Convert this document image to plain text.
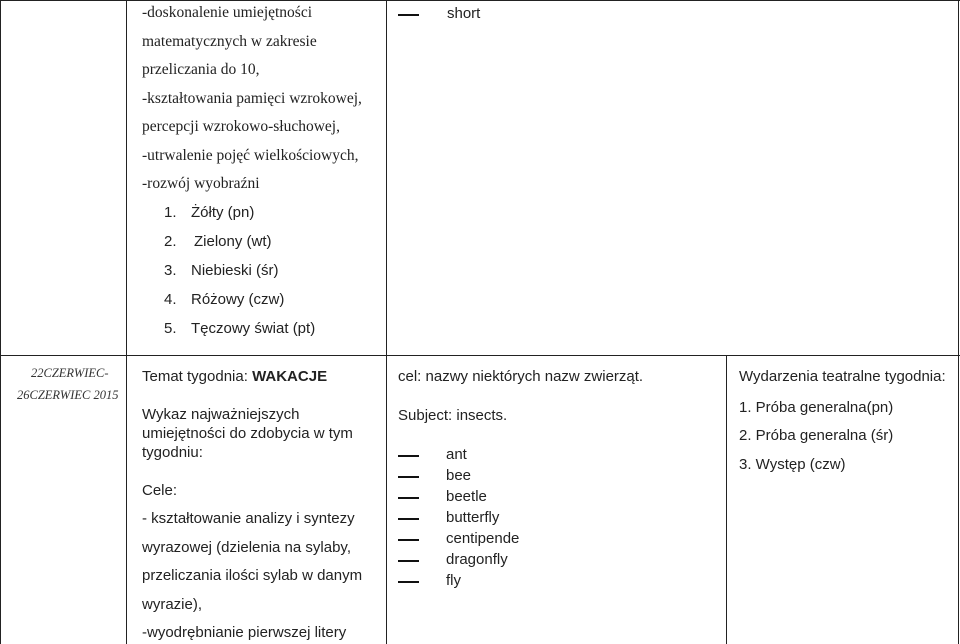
-doskonalenie umiejętności
matematycznych w zakresie
przeliczania do 10,
-kształtowania pamięci wzrokowej,
percepcji wzrokowo-słuchowej,
-utrwalenie pojęć wielkościowych,
-rozwój wyobraźni
1. Żółty (pn)
2. Zielony (wt)
3. Niebieski (śr)
4. Różowy (czw)
5. Tęczowy świat (pt)
short
22CZERWIEC-
26CZERWIEC 2015
Temat tygodnia: WAKACJE
Wykaz najważniejszych
umiejętności do zdobycia w tym
tygodniu:
Cele:
- kształtowanie analizy i syntezy
wyrazowej (dzielenia na sylaby,
przeliczania ilości sylab w danym
wyrazie),
-wyodrębnianie pierwszej litery
cel: nazwy niektórych nazw zwierząt.
Subject: insects.
ant
bee
beetle
butterfly
centipende
dragonfly
fly
Wydarzenia teatralne tygodnia:
1. Próba generalna(pn)
2. Próba generalna (śr)
3. Występ (czw)
